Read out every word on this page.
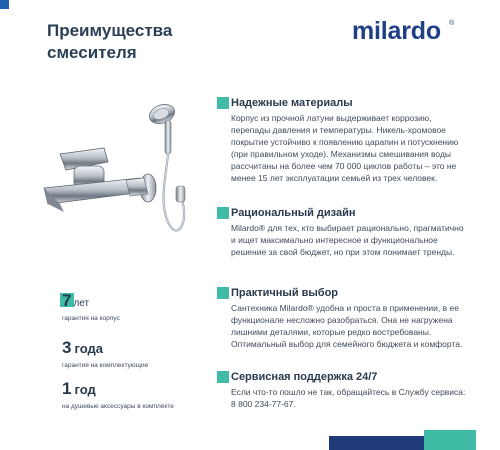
Преимущества смесителя
milardo ®
Надежные материалы
Корпус из прочной латуни выдерживает коррозию, перепады давления и температуры. Никель-хромовое покрытие устойчиво к появлению царапин и потускнению (при правильном уходе). Механизмы смешивания воды рассчитаны на более чем 70 000 циклов работы – это не менее 15 лет эксплуатации семьей из трех человек.
Рациональный дизайн
Milardo® для тех, кто выбирает рационально, прагматично и ищет максимально интересное и функциональное решение за свой бюджет, но при этом понимает тренды.
Практичный выбор
Сантехника Milardo® удобна и проста в применении, в ее функционале несложно разобраться. Она не нагружена лишними деталями, которые редко востребованы. Оптимальный выбор для семейного бюджета и комфорта.
Сервисная поддержка 24/7
Если что-то пошло не так, обращайтесь в Службу сервиса: 8 800 234-77-67.
7 лет
гарантия на корпус
3 года
гарантия на комплектующие
1 год
на душевые аксессуары в комплекте
